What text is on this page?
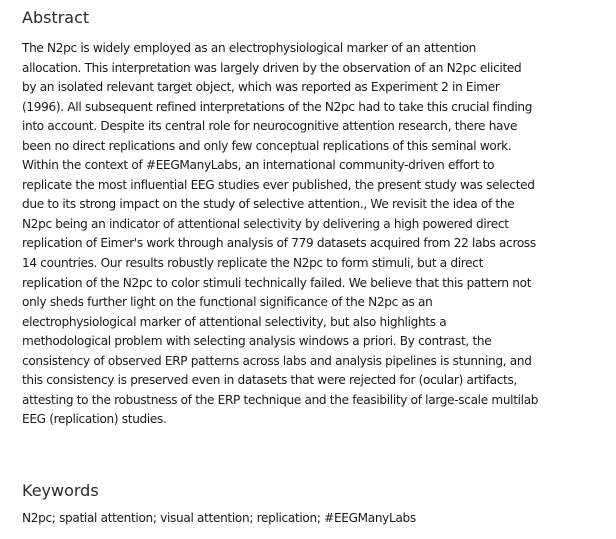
Abstract
The N2pc is widely employed as an electrophysiological marker of an attention
allocation. This interpretation was largely driven by the observation of an N2pc elicited
by an isolated relevant target object, which was reported as Experiment 2 in Eimer
(1996). All subsequent refined interpretations of the N2pc had to take this crucial finding
into account. Despite its central role for neurocognitive attention research, there have
been no direct replications and only few conceptual replications of this seminal work.
Within the context of #EEGManyLabs, an international community-driven effort to
replicate the most influential EEG studies ever published, the present study was selected
due to its strong impact on the study of selective attention., We revisit the idea of the
N2pc being an indicator of attentional selectivity by delivering a high powered direct
replication of Eimer's work through analysis of 779 datasets acquired from 22 labs across
14 countries. Our results robustly replicate the N2pc to form stimuli, but a direct
replication of the N2pc to color stimuli technically failed. We believe that this pattern not
only sheds further light on the functional significance of the N2pc as an
electrophysiological marker of attentional selectivity, but also highlights a
methodological problem with selecting analysis windows a priori. By contrast, the
consistency of observed ERP patterns across labs and analysis pipelines is stunning, and
this consistency is preserved even in datasets that were rejected for (ocular) artifacts,
attesting to the robustness of the ERP technique and the feasibility of large-scale multilab
EEG (replication) studies.
Keywords
N2pc; spatial attention; visual attention; replication; #EEGManyLabs
